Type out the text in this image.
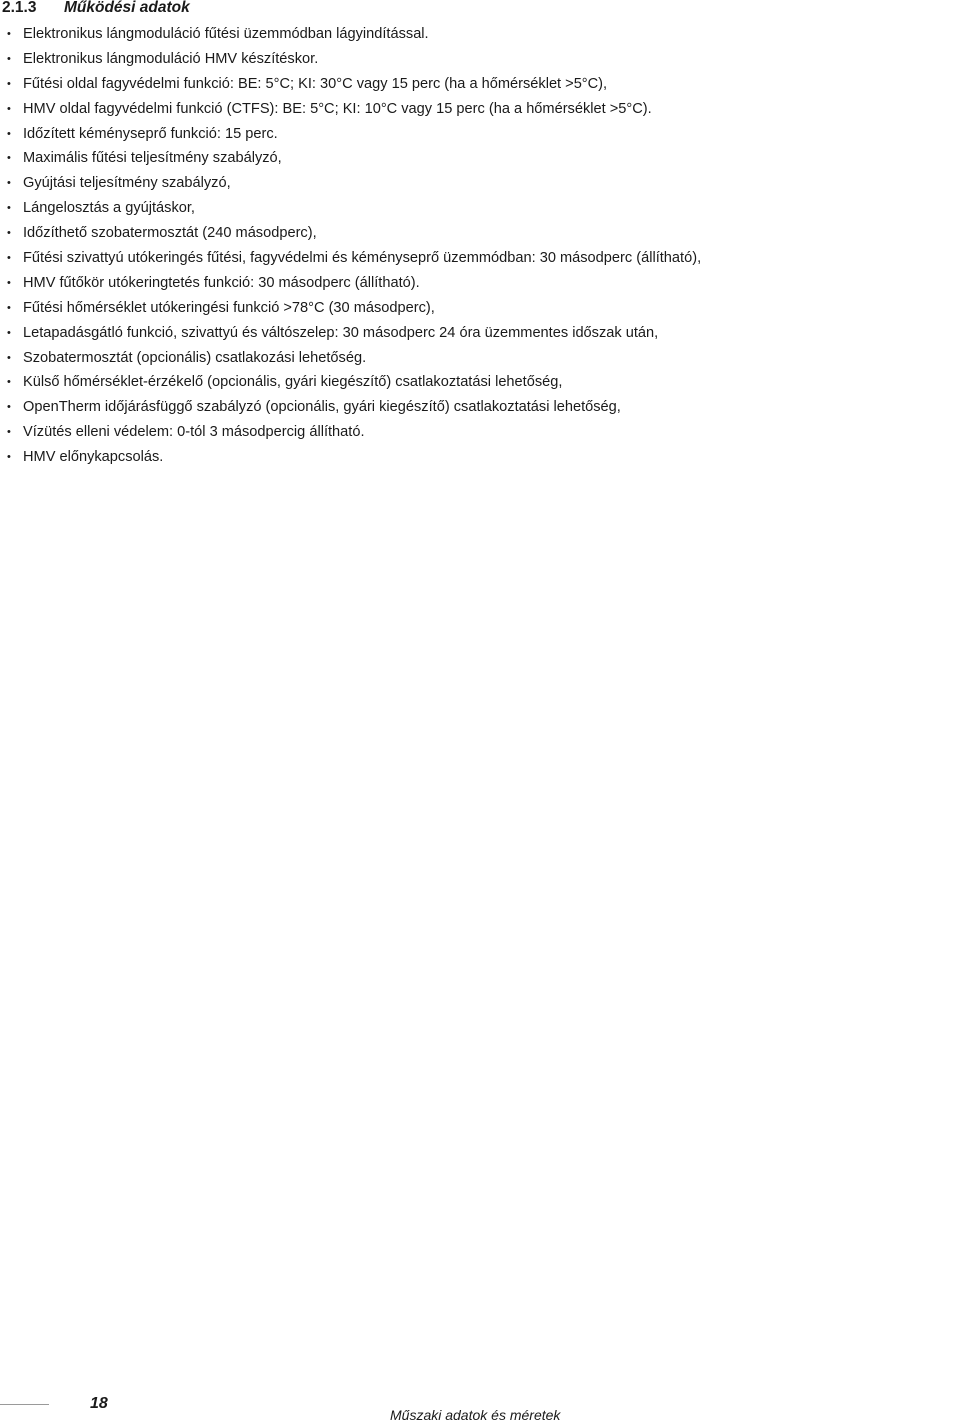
2.1.3	Működési adatok
• Elektronikus lángmoduláció fűtési üzemmódban lágyindítással.
• Elektronikus lángmoduláció HMV készítéskor.
• Fűtési oldal fagyvédelmi funkció: BE: 5°C; KI: 30°C vagy 15 perc (ha a hőmérséklet >5°C),
• HMV oldal fagyvédelmi funkció (CTFS): BE: 5°C; KI: 10°C vagy 15 perc (ha a hőmérséklet >5°C).
• Időzített kéményseprő funkció: 15 perc.
• Maximális fűtési teljesítmény szabályzó,
• Gyújtási teljesítmény szabályzó,
• Lángelosztás a gyújtáskor,
• Időzíthető szobatermosztát (240 másodperc),
• Fűtési szivattyú utókeringés fűtési, fagyvédelmi és kéményseprő üzemmódban: 30 másodperc (állítható),
• HMV fűtőkör utókeringtetés funkció: 30 másodperc (állítható).
• Fűtési hőmérséklet utókeringési funkció >78°C (30 másodperc),
• Letapadásgátló funkció, szivattyú és váltószelep: 30 másodperc 24 óra üzemmentes időszak után,
• Szobatermosztát (opcionális) csatlakozási lehetőség.
• Külső hőmérséklet-érzékelő (opcionális, gyári kiegészítő) csatlakoztatási lehetőség,
• OpenTherm időjárásfüggő szabályzó (opcionális, gyári kiegészítő) csatlakoztatási lehetőség,
• Vízütés elleni védelem: 0-tól 3 másodpercig állítható.
• HMV előnykapcsolás.
18
Műszaki adatok és méretek
